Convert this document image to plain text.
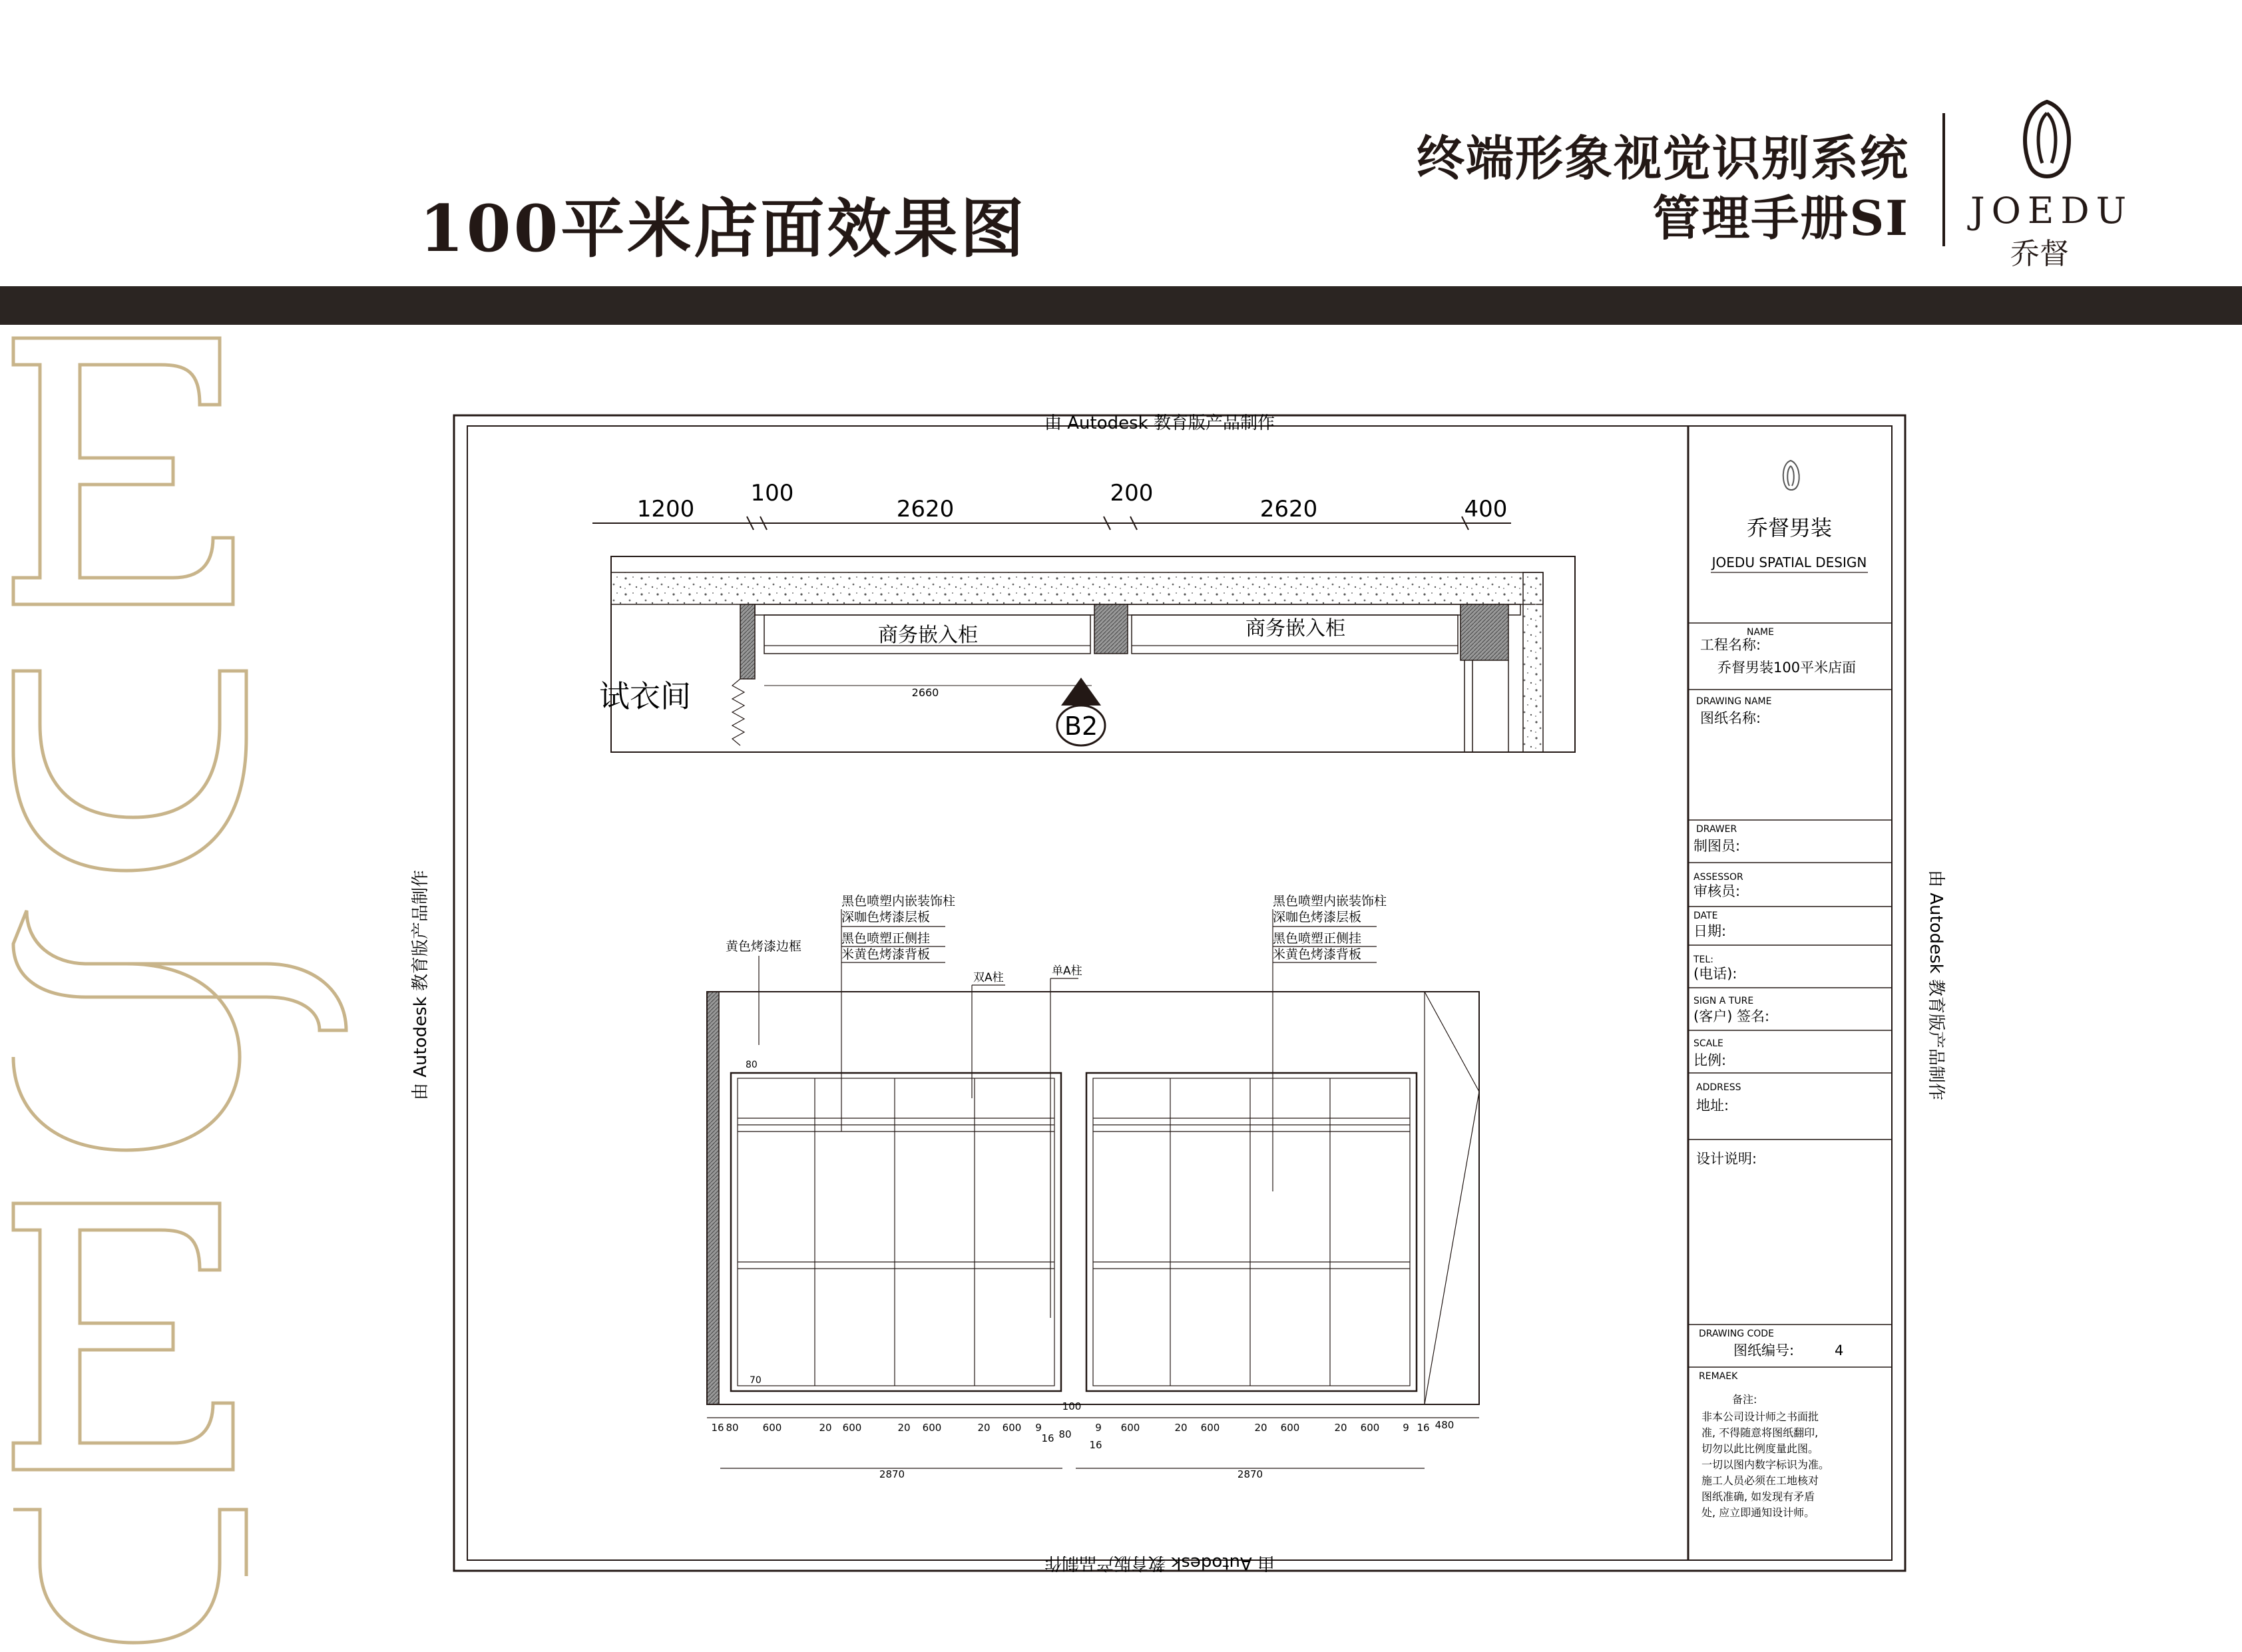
100平米店面效果图
终端形象视觉识别系统
管理手册SI JOEDU
乔督
由 Autodesk 教育版产品制作
由 Autodesk 教育版产品制作
由 Autodesk 教育版产品制作	由 Autodesk 教育版产品制作
1200
100
2620
200
2620	400
商务嵌入柜	商务嵌入柜
2660
试衣间
B2
黑色喷塑内嵌装饰柱
深咖色烤漆层板
黑色喷塑正侧挂
米黄色烤漆背板
黑色喷塑内嵌装饰柱
深咖色烤漆层板
黑色喷塑正侧挂
米黄色烤漆背板
黄色烤漆边框
双A柱	单A柱
80
70
16 80 600	20 600	20 600	20 600 9
100
16 80
9
16
600	20 600	20 600	20 600 9 16 480
2870	2870
乔督男装
JOEDU SPATIAL DESIGN
NAME
DRAWING NAME
DRAWER
ASSESSOR
DATE
TEL:
SIGN A TURE
SCALE
ADDRESS
DRAWING CODE
REMAEK
工程名称:
乔督男装100平米店面
图纸名称:
制图员:
审核员:
日期:
(电话):
(客户) 签名:
比例:
地址:
设计说明:
图纸编号:	4
备注:
非本公司设计师之书面批
准, 不得随意将图纸翻印,
切勿以此比例度量此图。
一切以图内数字标识为准。
施工人员必须在工地核对
图纸准确, 如发现有矛盾
处, 应立即通知设计师。
